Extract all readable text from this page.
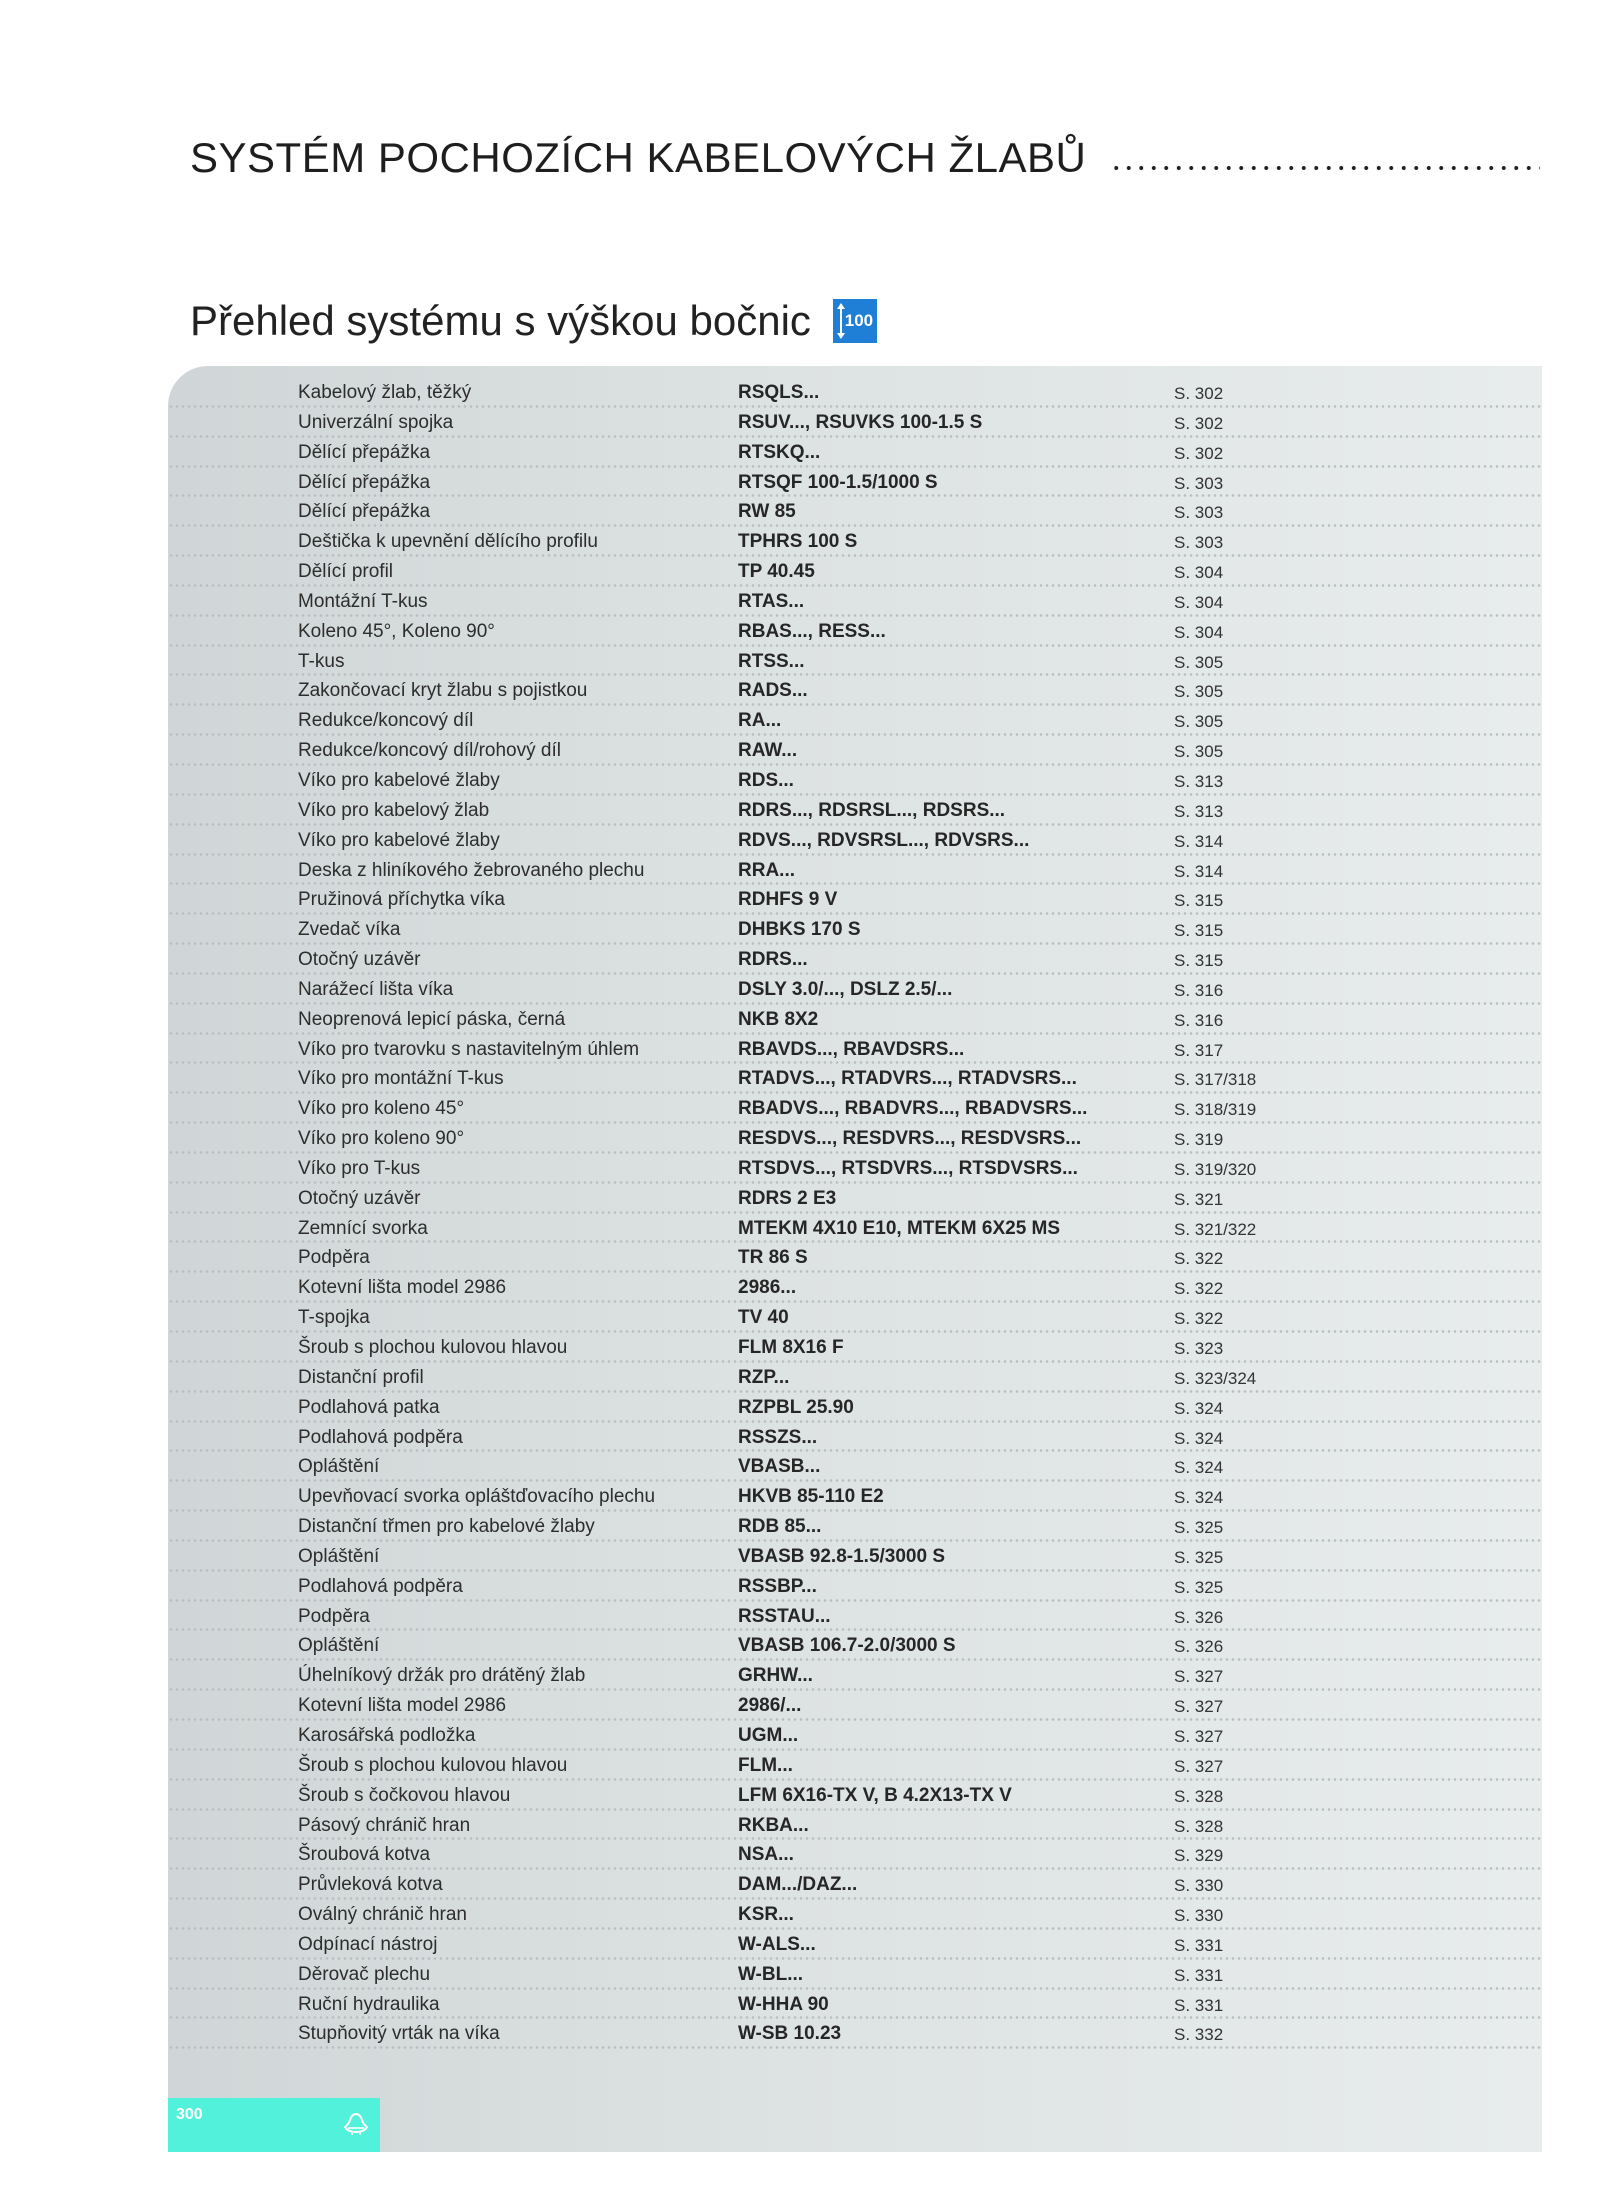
SYSTÉM POCHOZÍCH KABELOVÝCH ŽLABŮ
Přehled systému s výškou bočnic 100
Kabelový žlab, těžký	RSQLS...	S. 302
Univerzální spojka	RSUV..., RSUVKS 100-1.5 S	S. 302
Dělící přepážka	RTSKQ...	S. 302
Dělící přepážka	RTSQF 100-1.5/1000 S	S. 303
Dělící přepážka	RW 85	S. 303
Deštička k upevnění dělícího profilu	TPHRS 100 S	S. 303
Dělící profil	TP 40.45	S. 304
Montážní T-kus	RTAS...	S. 304
Koleno 45°, Koleno 90°	RBAS..., RESS...	S. 304
T-kus	RTSS...	S. 305
Zakončovací kryt žlabu s pojistkou	RADS...	S. 305
Redukce/koncový díl	RA...	S. 305
Redukce/koncový díl/rohový díl	RAW...	S. 305
Víko pro kabelové žlaby	RDS...	S. 313
Víko pro kabelový žlab	RDRS..., RDSRSL..., RDSRS...	S. 313
Víko pro kabelové žlaby	RDVS..., RDVSRSL..., RDVSRS...	S. 314
Deska z hliníkového žebrovaného plechu	RRA...	S. 314
Pružinová příchytka víka	RDHFS 9 V	S. 315
Zvedač víka	DHBKS 170 S	S. 315
Otočný uzávěr	RDRS...	S. 315
Narážecí lišta víka	DSLY 3.0/..., DSLZ 2.5/...	S. 316
Neoprenová lepicí páska, černá	NKB 8X2	S. 316
Víko pro tvarovku s nastavitelným úhlem	RBAVDS..., RBAVDSRS...	S. 317
Víko pro montážní T-kus	RTADVS..., RTADVRS..., RTADVSRS...	S. 317/318
Víko pro koleno 45°	RBADVS..., RBADVRS..., RBADVSRS...	S. 318/319
Víko pro koleno 90°	RESDVS..., RESDVRS..., RESDVSRS...	S. 319
Víko pro T-kus	RTSDVS..., RTSDVRS..., RTSDVSRS...	S. 319/320
Otočný uzávěr	RDRS 2 E3	S. 321
Zemnící svorka	MTEKM 4X10 E10, MTEKM 6X25 MS	S. 321/322
Podpěra	TR 86 S	S. 322
Kotevní lišta model 2986	2986...	S. 322
T-spojka	TV 40	S. 322
Šroub s plochou kulovou hlavou	FLM 8X16 F	S. 323
Distanční profil	RZP...	S. 323/324
Podlahová patka	RZPBL 25.90	S. 324
Podlahová podpěra	RSSZS...	S. 324
Opláštění	VBASB...	S. 324
Upevňovací svorka opláštďovacího plechu	HKVB 85-110 E2	S. 324
Distanční třmen pro kabelové žlaby	RDB 85...	S. 325
Opláštění	VBASB 92.8-1.5/3000 S	S. 325
Podlahová podpěra	RSSBP...	S. 325
Podpěra	RSSTAU...	S. 326
Opláštění	VBASB 106.7-2.0/3000 S	S. 326
Úhelníkový držák pro drátěný žlab	GRHW...	S. 327
Kotevní lišta model 2986	2986/...	S. 327
Karosářská podložka	UGM...	S. 327
Šroub s plochou kulovou hlavou	FLM...	S. 327
Šroub s čočkovou hlavou	LFM 6X16-TX V, B 4.2X13-TX V	S. 328
Pásový chránič hran	RKBA...	S. 328
Šroubová kotva	NSA...	S. 329
Průvleková kotva	DAM.../DAZ...	S. 330
Oválný chránič hran	KSR...	S. 330
Odpínací nástroj	W-ALS...	S. 331
Děrovač plechu	W-BL...	S. 331
Ruční hydraulika	W-HHA 90	S. 331
Stupňovitý vrták na víka	W-SB 10.23	S. 332
300
